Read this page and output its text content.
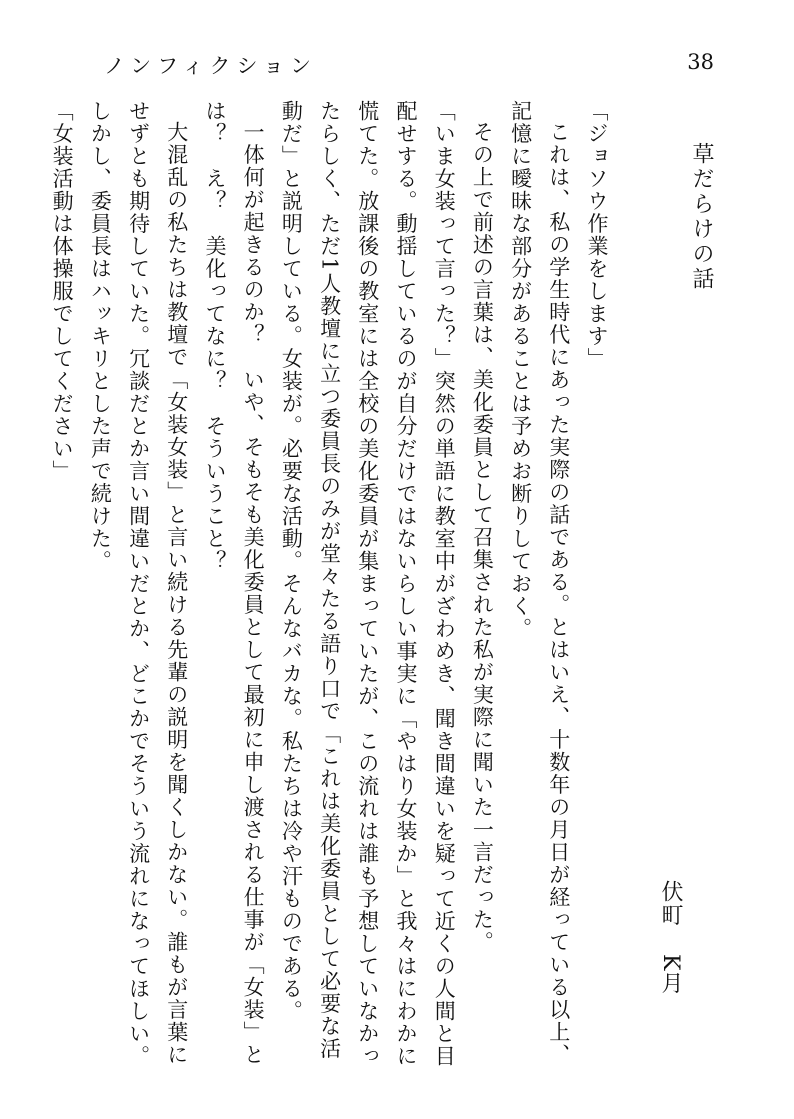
ノンフィクション	38
草だらけの話
伏町
K月

「ジョソウ作業をします」

これは、私の学生時代にあった実際の話である。とはいえ、十数年の月日が経っている以上、

記憶に曖昧な部分があることは予めお断りしておく。

その上で前述の言葉は、美化委員として召集された私が実際に聞いた一言だった。

「いま女装って言った？」突然の単語に教室中がざわめき、聞き間違いを疑って近くの人間と目

配せする。動揺しているのが自分だけではないらしい事実に「やはり女装か」と我々はにわかに

慌てた。放課後の教室には全校の美化委員が集まっていたが、この流れは誰も予想していなかっ

たらしく、ただ1人教壇に立つ委員長のみが堂々たる語り口で「これは美化委員として必要な活

動だ」と説明している。女装が。必要な活動。そんなバカな。私たちは冷や汗ものである。

一体何が起きるのか？　いや、そもそも美化委員として最初に申し渡される仕事が「女装」と

は？　え？　美化ってなに？　そういうこと？

大混乱の私たちは教壇で「女装女装」と言い続ける先輩の説明を聞くしかない。誰もが言葉に

せずとも期待していた。冗談だとか言い間違いだとか、どこかでそういう流れになってほしい。

しかし、委員長はハッキリとした声で続けた。

「女装活動は体操服でしてください」
